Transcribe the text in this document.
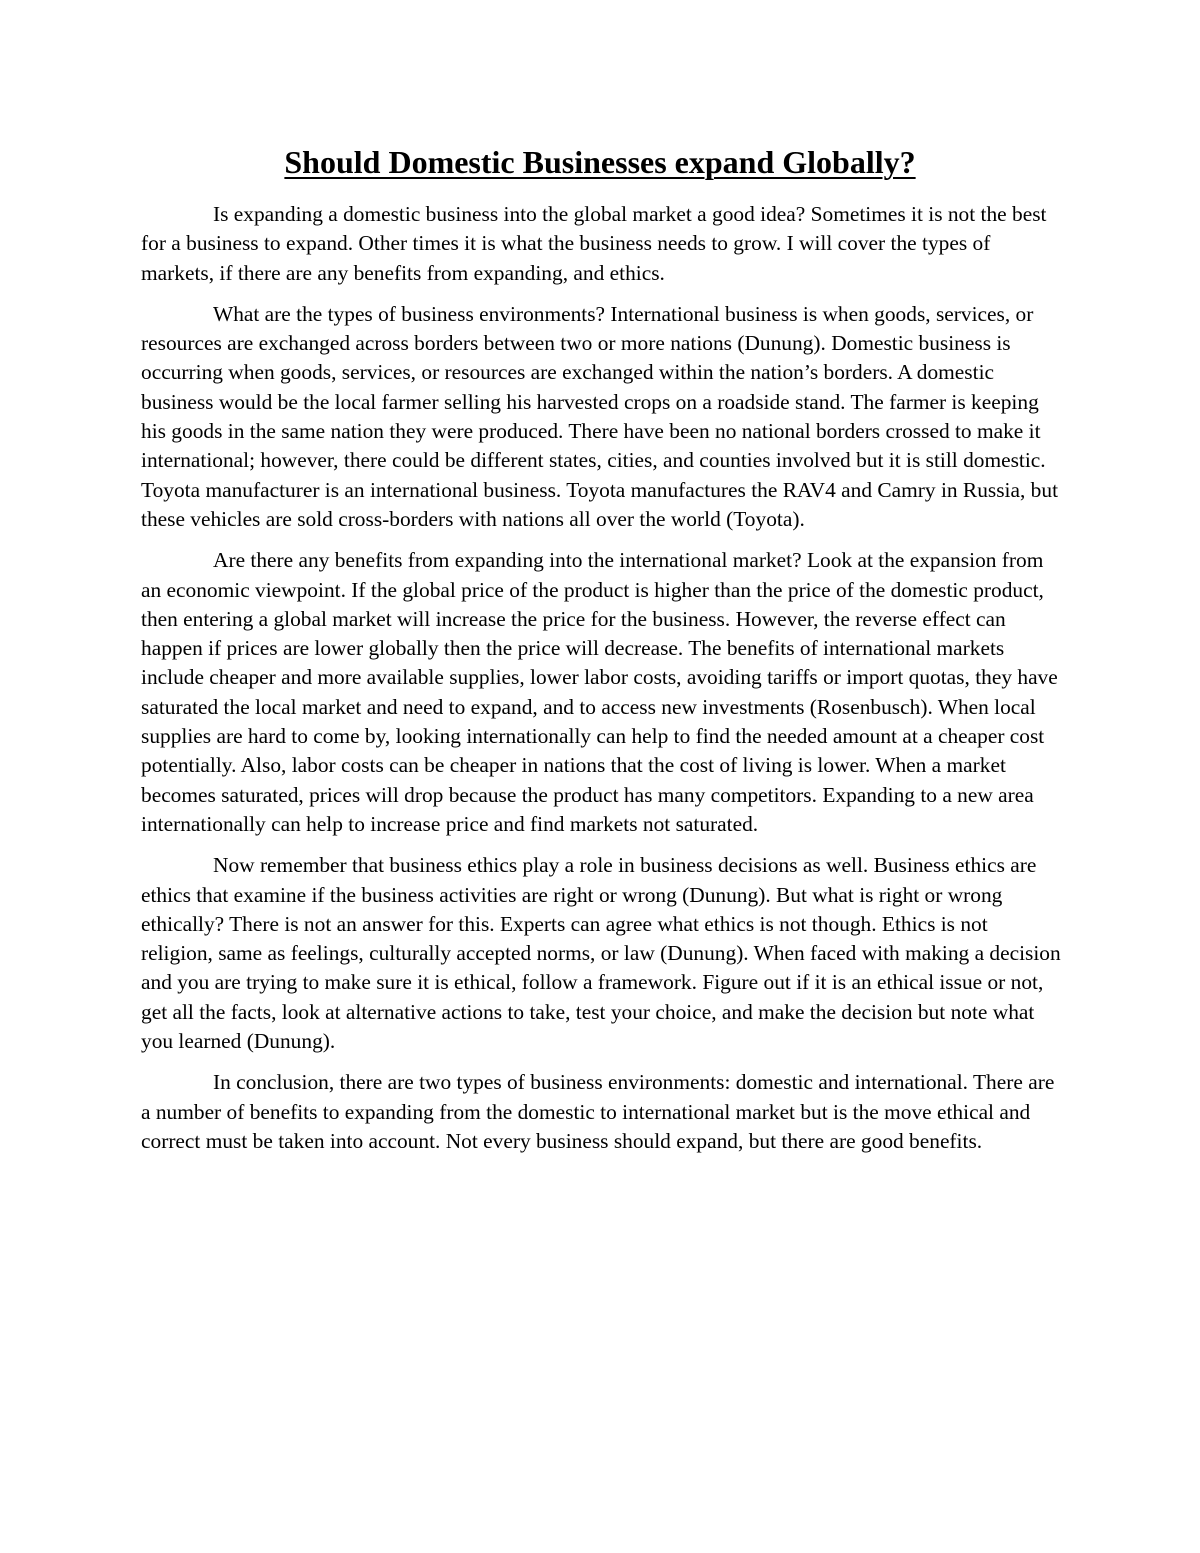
Should Domestic Businesses expand Globally?

Is expanding a domestic business into the global market a good idea? Sometimes it is not the best for a business to expand. Other times it is what the business needs to grow. I will cover the types of markets, if there are any benefits from expanding, and ethics.

What are the types of business environments? International business is when goods, services, or resources are exchanged across borders between two or more nations (Dunung). Domestic business is occurring when goods, services, or resources are exchanged within the nation’s borders. A domestic business would be the local farmer selling his harvested crops on a roadside stand. The farmer is keeping his goods in the same nation they were produced. There have been no national borders crossed to make it international; however, there could be different states, cities, and counties involved but it is still domestic. Toyota manufacturer is an international business. Toyota manufactures the RAV4 and Camry in Russia, but these vehicles are sold cross-borders with nations all over the world (Toyota).

Are there any benefits from expanding into the international market? Look at the expansion from an economic viewpoint. If the global price of the product is higher than the price of the domestic product, then entering a global market will increase the price for the business. However, the reverse effect can happen if prices are lower globally then the price will decrease. The benefits of international markets include cheaper and more available supplies, lower labor costs, avoiding tariffs or import quotas, they have saturated the local market and need to expand, and to access new investments (Rosenbusch). When local supplies are hard to come by, looking internationally can help to find the needed amount at a cheaper cost potentially. Also, labor costs can be cheaper in nations that the cost of living is lower. When a market becomes saturated, prices will drop because the product has many competitors. Expanding to a new area internationally can help to increase price and find markets not saturated.

Now remember that business ethics play a role in business decisions as well. Business ethics are ethics that examine if the business activities are right or wrong (Dunung). But what is right or wrong ethically? There is not an answer for this. Experts can agree what ethics is not though. Ethics is not religion, same as feelings, culturally accepted norms, or law (Dunung). When faced with making a decision and you are trying to make sure it is ethical, follow a framework. Figure out if it is an ethical issue or not, get all the facts, look at alternative actions to take, test your choice, and make the decision but note what you learned (Dunung).

In conclusion, there are two types of business environments: domestic and international. There are a number of benefits to expanding from the domestic to international market but is the move ethical and correct must be taken into account. Not every business should expand, but there are good benefits.
